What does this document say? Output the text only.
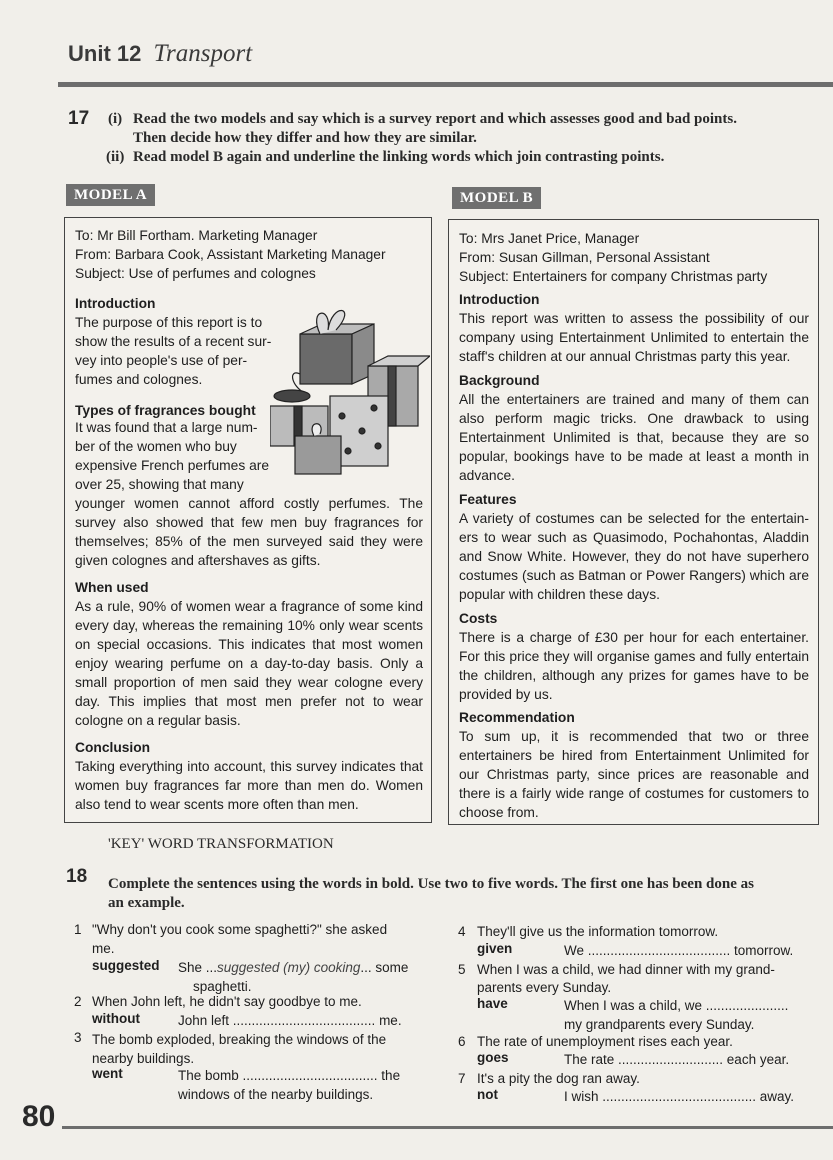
Unit 12 Transport
17 (i) Read the two models and say which is a survey report and which assesses good and bad points.
Then decide how they differ and how they are similar.
(ii) Read model B again and underline the linking words which join contrasting points.
MODEL A
To: Mr Bill Fortham. Marketing Manager
From: Barbara Cook, Assistant Marketing Manager
Subject: Use of perfumes and colognes
Introduction
The purpose of this report is to
show the results of a recent sur-
vey into people's use of per-
fumes and colognes.
Types of fragrances bought
It was found that a large num-
ber of the women who buy
expensive French perfumes are
over 25, showing that many
younger women cannot afford costly perfumes. The survey also showed that few men buy fragrances for themselves; 85% of the men surveyed said they were given colognes and aftershaves as gifts.
When used
As a rule, 90% of women wear a fragrance of some kind every day, whereas the remaining 10% only wear scents on special occasions. This indicates that most women enjoy wearing perfume on a day-to-day basis. Only a small proportion of men said they wear cologne every day. This implies that most men prefer not to wear cologne on a regular basis.
Conclusion
Taking everything into account, this survey indicates that women buy fragrances far more than men do. Women also tend to wear scents more often than men.
MODEL B
To: Mrs Janet Price, Manager
From: Susan Gillman, Personal Assistant
Subject: Entertainers for company Christmas party
Introduction
This report was written to assess the possibility of our company using Entertainment Unlimited to entertain the staff's children at our annual Christmas party this year.
Background
All the entertainers are trained and many of them can also perform magic tricks. One drawback to using Entertainment Unlimited is that, because they are so popular, bookings have to be made at least a month in advance.
Features
A variety of costumes can be selected for the entertain-ers to wear such as Quasimodo, Pochahontas, Aladdin and Snow White. However, they do not have superhero costumes (such as Batman or Power Rangers) which are popular with children these days.
Costs
There is a charge of £30 per hour for each entertainer. For this price they will organise games and fully entertain the children, although any prizes for games have to be provided by us.
Recommendation
To sum up, it is recommended that two or three entertainers be hired from Entertainment Unlimited for our Christmas party, since prices are reasonable and there is a fairly wide range of costumes for customers to choose from.
'KEY' WORD TRANSFORMATION
18 Complete the sentences using the words in bold. Use two to five words. The first one has been done as
an example.
1 "Why don't you cook some spaghetti?" she asked
me.
suggested She ...suggested (my) cooking... some
spaghetti.
2 When John left, he didn't say goodbye to me.
without	John left ...................................... me.
3 The bomb exploded, breaking the windows of the
nearby buildings.
went	The bomb .................................... the
windows of the nearby buildings.
4 They'll give us the information tomorrow.
given	We ...................................... tomorrow.
5 When I was a child, we had dinner with my grand-
parents every Sunday.
have	When I was a child, we ......................
my grandparents every Sunday.
6 The rate of unemployment rises each year.
goes	The rate ............................ each year.
7 It's a pity the dog ran away.
not	I wish ......................................... away.
80
